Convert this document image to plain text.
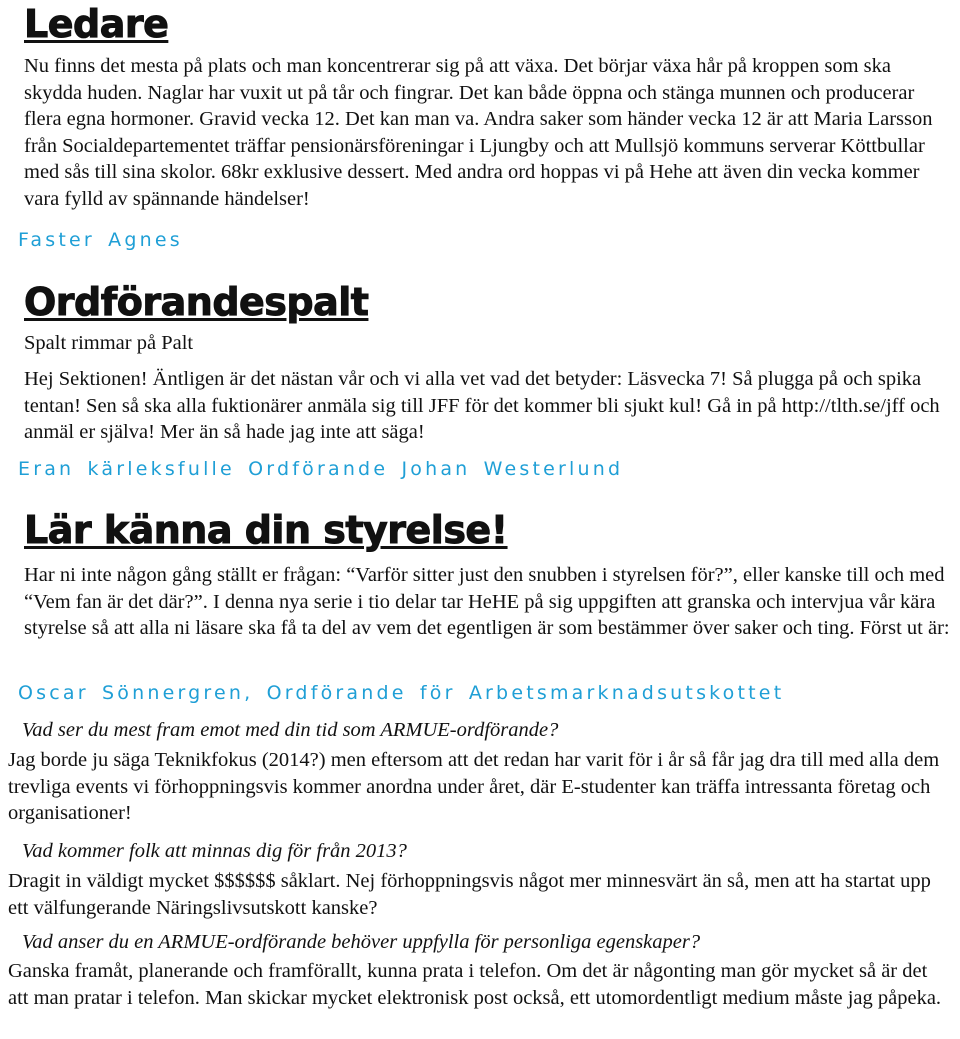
Ledare

Nu finns det mesta på plats och man koncentrerar sig på att växa. Det börjar växa hår på kroppen som ska skydda huden. Naglar har vuxit ut på tår och fingrar. Det kan både öppna och stänga munnen och producerar flera egna hormoner. Gravid vecka 12. Det kan man va. Andra saker som händer vecka 12 är att Maria Larsson från Socialdepartementet träffar pensionärsföreningar i Ljungby och att Mullsjö kommuns serverar Köttbullar med sås till sina skolor. 68kr exklusive dessert. Med andra ord hoppas vi på Hehe att även din vecka kommer vara fylld av spännande händelser!

Faster Agnes

Ordförandespalt

Spalt rimmar på Palt

Hej Sektionen! Äntligen är det nästan vår och vi alla vet vad det betyder: Läsvecka 7! Så plugga på och spika tentan! Sen så ska alla fuktionärer anmäla sig till JFF för det kommer bli sjukt kul! Gå in på http://tlth.se/jff och anmäl er själva! Mer än så hade jag inte att säga!

Eran kärleksfulle Ordförande Johan Westerlund

Lär känna din styrelse!

Har ni inte någon gång ställt er frågan: “Varför sitter just den snubben i styrelsen för?”, eller kanske till och med “Vem fan är det där?”. I denna nya serie i tio delar tar HeHE på sig uppgiften att granska och intervjua vår kära styrelse så att alla ni läsare ska få ta del av vem det egentligen är som bestämmer över saker och ting. Först ut är:

Oscar Sönnergren, Ordförande för Arbetsmarknadsutskottet

Vad ser du mest fram emot med din tid som ARMUE-ordförande?

Jag borde ju säga Teknikfokus (2014?) men eftersom att det redan har varit för i år så får jag dra till med alla dem trevliga events vi förhoppningsvis kommer anordna under året, där E-studenter kan träffa intressanta företag och organisationer!

Vad kommer folk att minnas dig för från 2013?

Dragit in väldigt mycket $$$$$$ såklart. Nej förhoppningsvis något mer minnesvärt än så, men att ha startat upp ett välfungerande Näringslivsutskott kanske?

Vad anser du en ARMUE-ordförande behöver uppfylla för personliga egenskaper?

Ganska framåt, planerande och framförallt, kunna prata i telefon. Om det är någonting man gör mycket så är det att man pratar i telefon. Man skickar mycket elektronisk post också, ett utomordentligt medium måste jag påpeka.
